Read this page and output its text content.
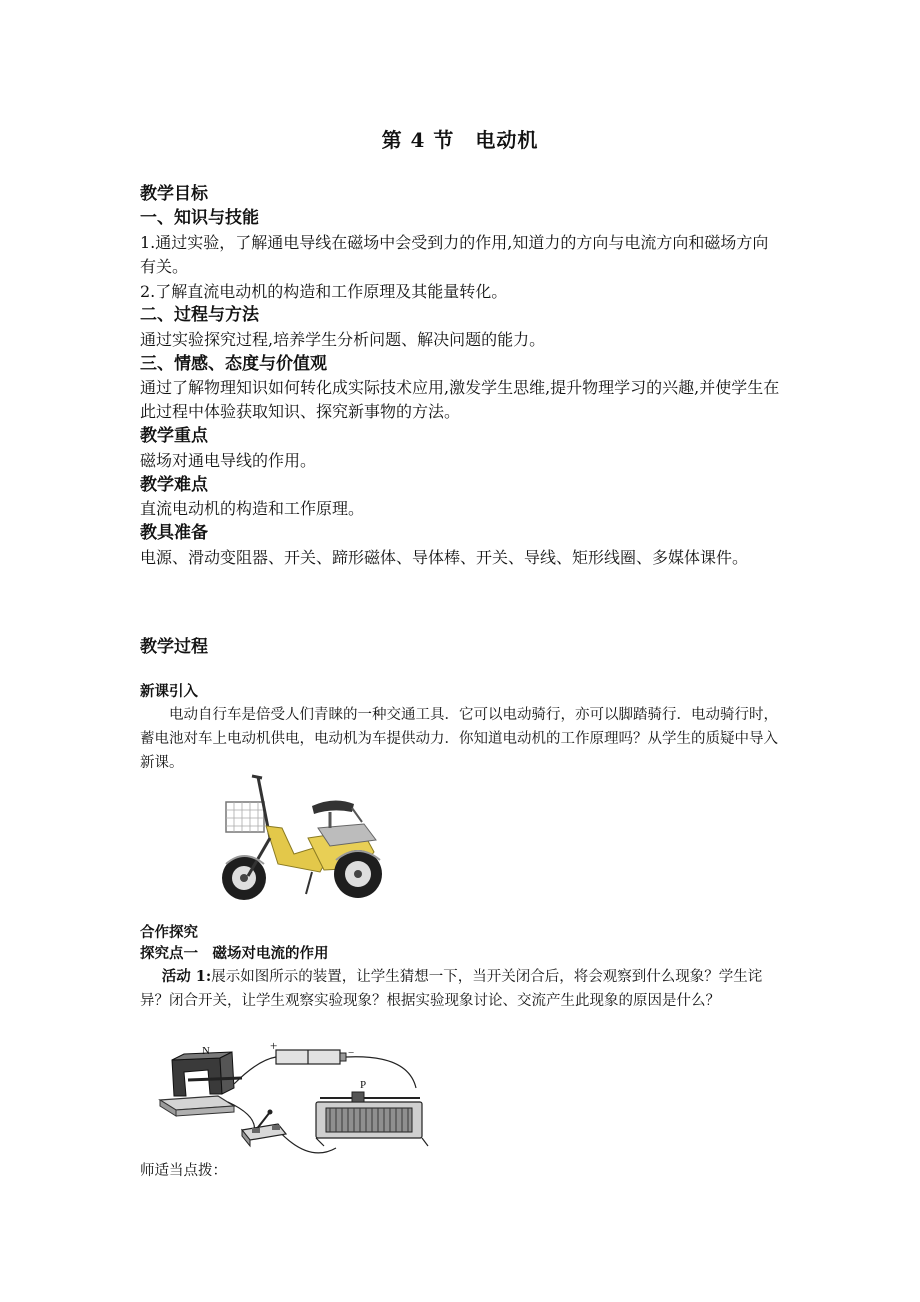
第 4 节　电动机
教学目标
一、知识与技能
1.通过实验，了解通电导线在磁场中会受到力的作用,知道力的方向与电流方向和磁场方向有关。
2.了解直流电动机的构造和工作原理及其能量转化。
二、过程与方法
通过实验探究过程,培养学生分析问题、解决问题的能力。
三、情感、态度与价值观
通过了解物理知识如何转化成实际技术应用,激发学生思维,提升物理学习的兴趣,并使学生在此过程中体验获取知识、探究新事物的方法。
教学重点
磁场对通电导线的作用。
教学难点
直流电动机的构造和工作原理。
教具准备
电源、滑动变阻器、开关、蹄形磁体、导体棒、开关、导线、矩形线圈、多媒体课件。
教学过程
新课引入
电动自行车是倍受人们青睐的一种交通工具．它可以电动骑行，亦可以脚踏骑行．电动骑行时，蓄电池对车上电动机供电，电动机为车提供动力．你知道电动机的工作原理吗？从学生的质疑中导入新课。
合作探究
探究点一　磁场对电流的作用
活动 1:展示如图所示的装置，让学生猜想一下，当开关闭合后，将会观察到什么现象？学生诧异？闭合开关，让学生观察实验现象？根据实验现象讨论、交流产生此现象的原因是什么？
N	+	−
P
师适当点拨：
